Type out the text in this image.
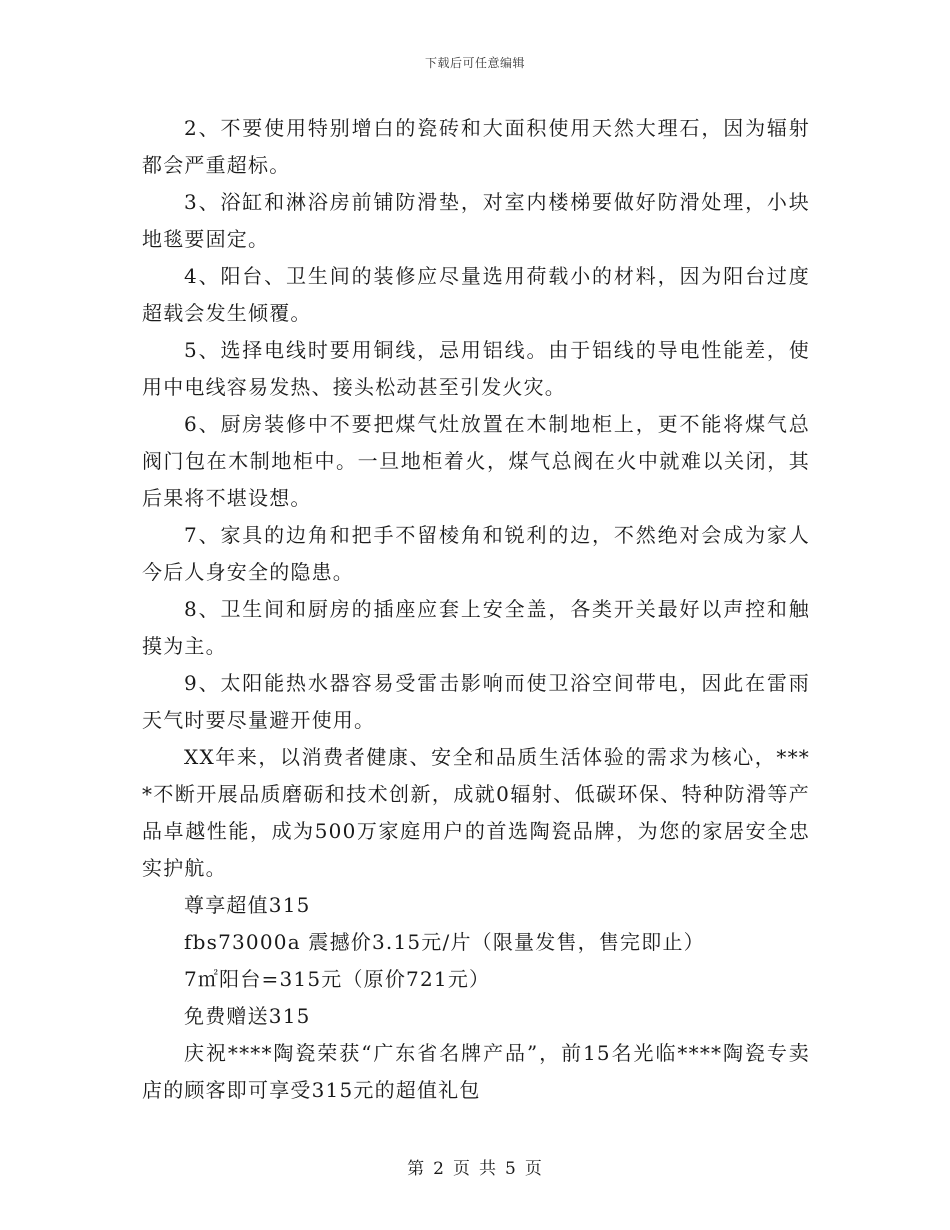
下载后可任意编辑

2、不要使用特别增白的瓷砖和大面积使用天然大理石，因为辐射都会严重超标。

3、浴缸和淋浴房前铺防滑垫，对室内楼梯要做好防滑处理，小块地毯要固定。

4、阳台、卫生间的装修应尽量选用荷载小的材料，因为阳台过度超载会发生倾覆。

5、选择电线时要用铜线，忌用铝线。由于铝线的导电性能差，使用中电线容易发热、接头松动甚至引发火灾。

6、厨房装修中不要把煤气灶放置在木制地柜上，更不能将煤气总阀门包在木制地柜中。一旦地柜着火，煤气总阀在火中就难以关闭，其后果将不堪设想。

7、家具的边角和把手不留棱角和锐利的边，不然绝对会成为家人今后人身安全的隐患。

8、卫生间和厨房的插座应套上安全盖，各类开关最好以声控和触摸为主。

9、太阳能热水器容易受雷击影响而使卫浴空间带电，因此在雷雨天气时要尽量避开使用。

XX年来，以消费者健康、安全和品质生活体验的需求为核心，****不断开展品质磨砺和技术创新，成就0辐射、低碳环保、特种防滑等产品卓越性能，成为500万家庭用户的首选陶瓷品牌，为您的家居安全忠实护航。

尊享超值315

fbs73000a 震撼价3.15元/片（限量发售，售完即止）

7㎡阳台=315元（原价721元）

免费赠送315

庆祝****陶瓷荣获“广东省名牌产品”，前15名光临****陶瓷专卖店的顾客即可享受315元的超值礼包

第 2 页 共 5 页
